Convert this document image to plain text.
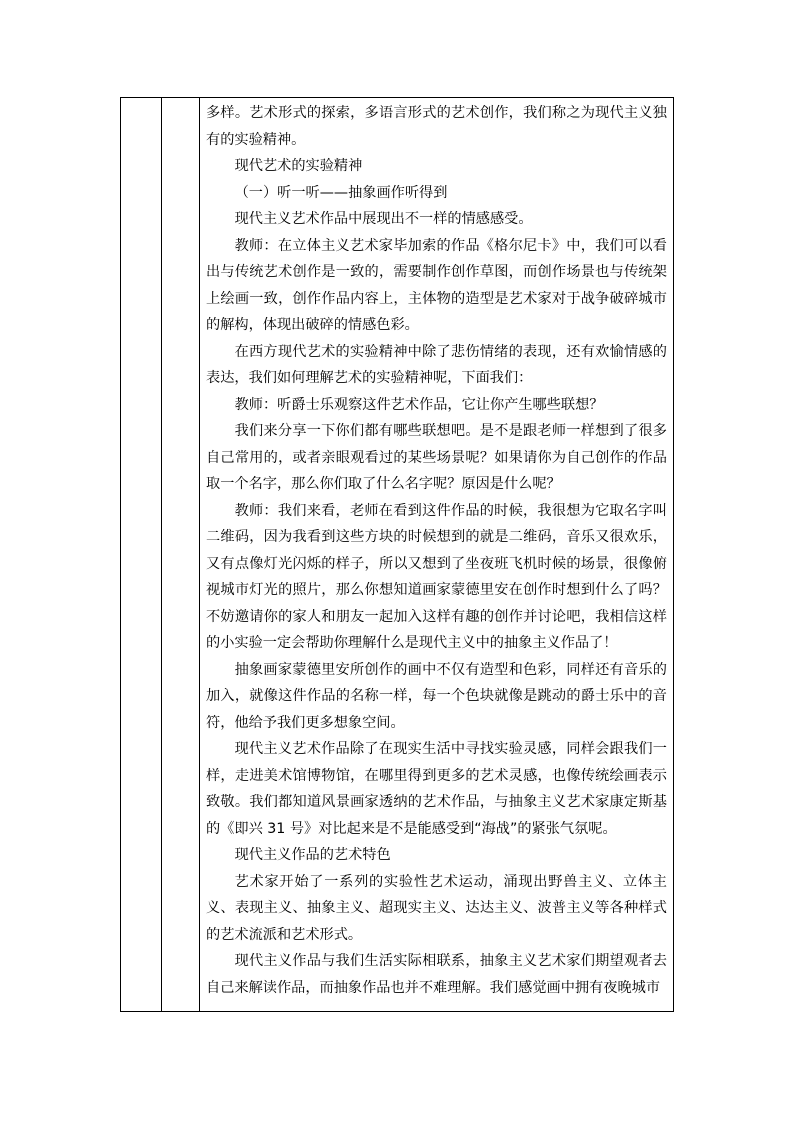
多样。艺术形式的探索，多语言形式的艺术创作，我们称之为现代主义独有的实验精神。

现代艺术的实验精神

（一）听一听——抽象画作听得到

现代主义艺术作品中展现出不一样的情感感受。

教师：在立体主义艺术家毕加索的作品《格尔尼卡》中，我们可以看出与传统艺术创作是一致的，需要制作创作草图，而创作场景也与传统架上绘画一致，创作作品内容上，主体物的造型是艺术家对于战争破碎城市的解构，体现出破碎的情感色彩。

在西方现代艺术的实验精神中除了悲伤情绪的表现，还有欢愉情感的表达，我们如何理解艺术的实验精神呢，下面我们：

教师：听爵士乐观察这件艺术作品，它让你产生哪些联想？

我们来分享一下你们都有哪些联想吧。是不是跟老师一样想到了很多自己常用的，或者亲眼观看过的某些场景呢？如果请你为自己创作的作品取一个名字，那么你们取了什么名字呢？原因是什么呢？

教师：我们来看，老师在看到这件作品的时候，我很想为它取名字叫二维码，因为我看到这些方块的时候想到的就是二维码，音乐又很欢乐，又有点像灯光闪烁的样子，所以又想到了坐夜班飞机时候的场景，很像俯视城市灯光的照片，那么你想知道画家蒙德里安在创作时想到什么了吗？不妨邀请你的家人和朋友一起加入这样有趣的创作并讨论吧，我相信这样的小实验一定会帮助你理解什么是现代主义中的抽象主义作品了！

抽象画家蒙德里安所创作的画中不仅有造型和色彩，同样还有音乐的加入，就像这件作品的名称一样，每一个色块就像是跳动的爵士乐中的音符，他给予我们更多想象空间。

现代主义艺术作品除了在现实生活中寻找实验灵感，同样会跟我们一样，走进美术馆博物馆，在哪里得到更多的艺术灵感，也像传统绘画表示致敬。我们都知道风景画家透纳的艺术作品，与抽象主义艺术家康定斯基的《即兴 31 号》对比起来是不是能感受到“海战”的紧张气氛呢。

现代主义作品的艺术特色

艺术家开始了一系列的实验性艺术运动，涌现出野兽主义、立体主义、表现主义、抽象主义、超现实主义、达达主义、波普主义等各种样式的艺术流派和艺术形式。

现代主义作品与我们生活实际相联系，抽象主义艺术家们期望观者去自己来解读作品，而抽象作品也并不难理解。我们感觉画中拥有夜晚城市
